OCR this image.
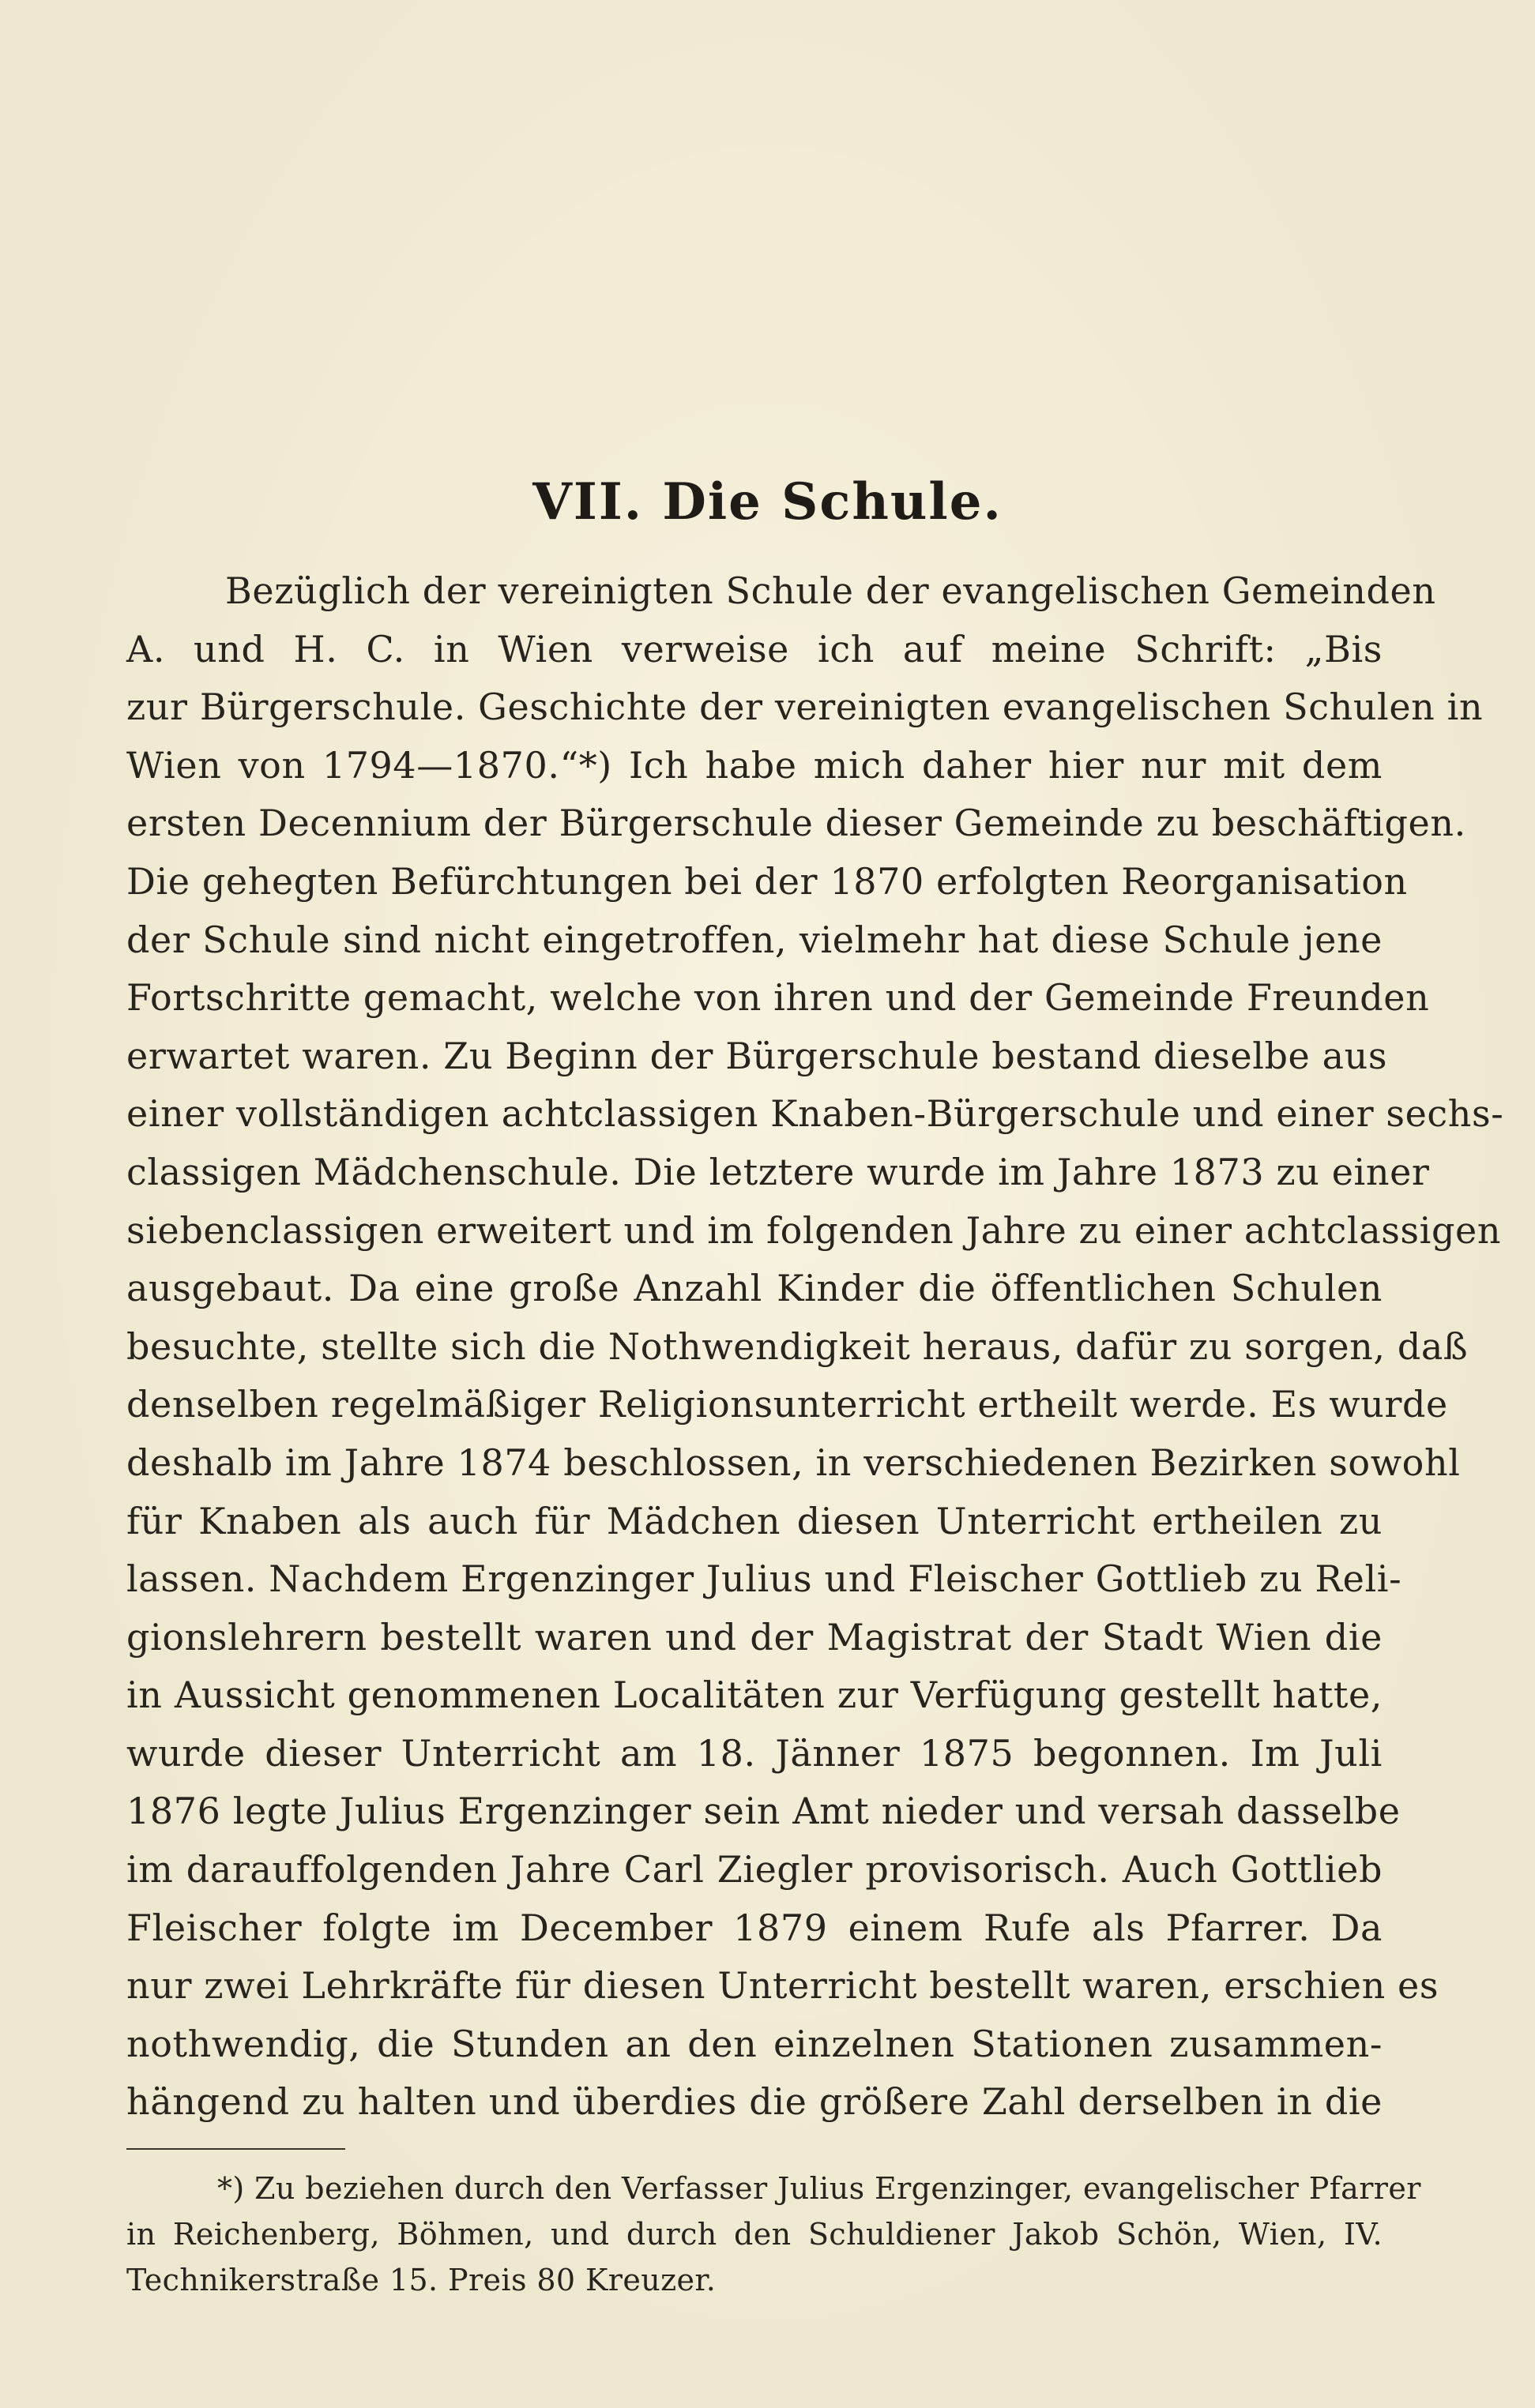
VII. Die Schule.
Bezüglich der vereinigten Schule der evangelischen Gemeinden
A. und H. C. in Wien verweise ich auf meine Schrift: „Bis
zur Bürgerschule. Geschichte der vereinigten evangelischen Schulen in
Wien von 1794—1870.“*) Ich habe mich daher hier nur mit dem
ersten Decennium der Bürgerschule dieser Gemeinde zu beschäftigen.
Die gehegten Befürchtungen bei der 1870 erfolgten Reorganisation
der Schule sind nicht eingetroffen, vielmehr hat diese Schule jene
Fortschritte gemacht, welche von ihren und der Gemeinde Freunden
erwartet waren. Zu Beginn der Bürgerschule bestand dieselbe aus
einer vollständigen achtclassigen Knaben-Bürgerschule und einer sechs-
classigen Mädchenschule. Die letztere wurde im Jahre 1873 zu einer
siebenclassigen erweitert und im folgenden Jahre zu einer achtclassigen
ausgebaut. Da eine große Anzahl Kinder die öffentlichen Schulen
besuchte, stellte sich die Nothwendigkeit heraus, dafür zu sorgen, daß
denselben regelmäßiger Religionsunterricht ertheilt werde. Es wurde
deshalb im Jahre 1874 beschlossen, in verschiedenen Bezirken sowohl
für Knaben als auch für Mädchen diesen Unterricht ertheilen zu
lassen. Nachdem Ergenzinger Julius und Fleischer Gottlieb zu Reli-
gionslehrern bestellt waren und der Magistrat der Stadt Wien die
in Aussicht genommenen Localitäten zur Verfügung gestellt hatte,
wurde dieser Unterricht am 18. Jänner 1875 begonnen. Im Juli
1876 legte Julius Ergenzinger sein Amt nieder und versah dasselbe
im darauffolgenden Jahre Carl Ziegler provisorisch. Auch Gottlieb
Fleischer folgte im December 1879 einem Rufe als Pfarrer. Da
nur zwei Lehrkräfte für diesen Unterricht bestellt waren, erschien es
nothwendig, die Stunden an den einzelnen Stationen zusammen-
hängend zu halten und überdies die größere Zahl derselben in die
*) Zu beziehen durch den Verfasser Julius Ergenzinger, evangelischer Pfarrer
in Reichenberg, Böhmen, und durch den Schuldiener Jakob Schön, Wien, IV.
Technikerstraße 15. Preis 80 Kreuzer.
